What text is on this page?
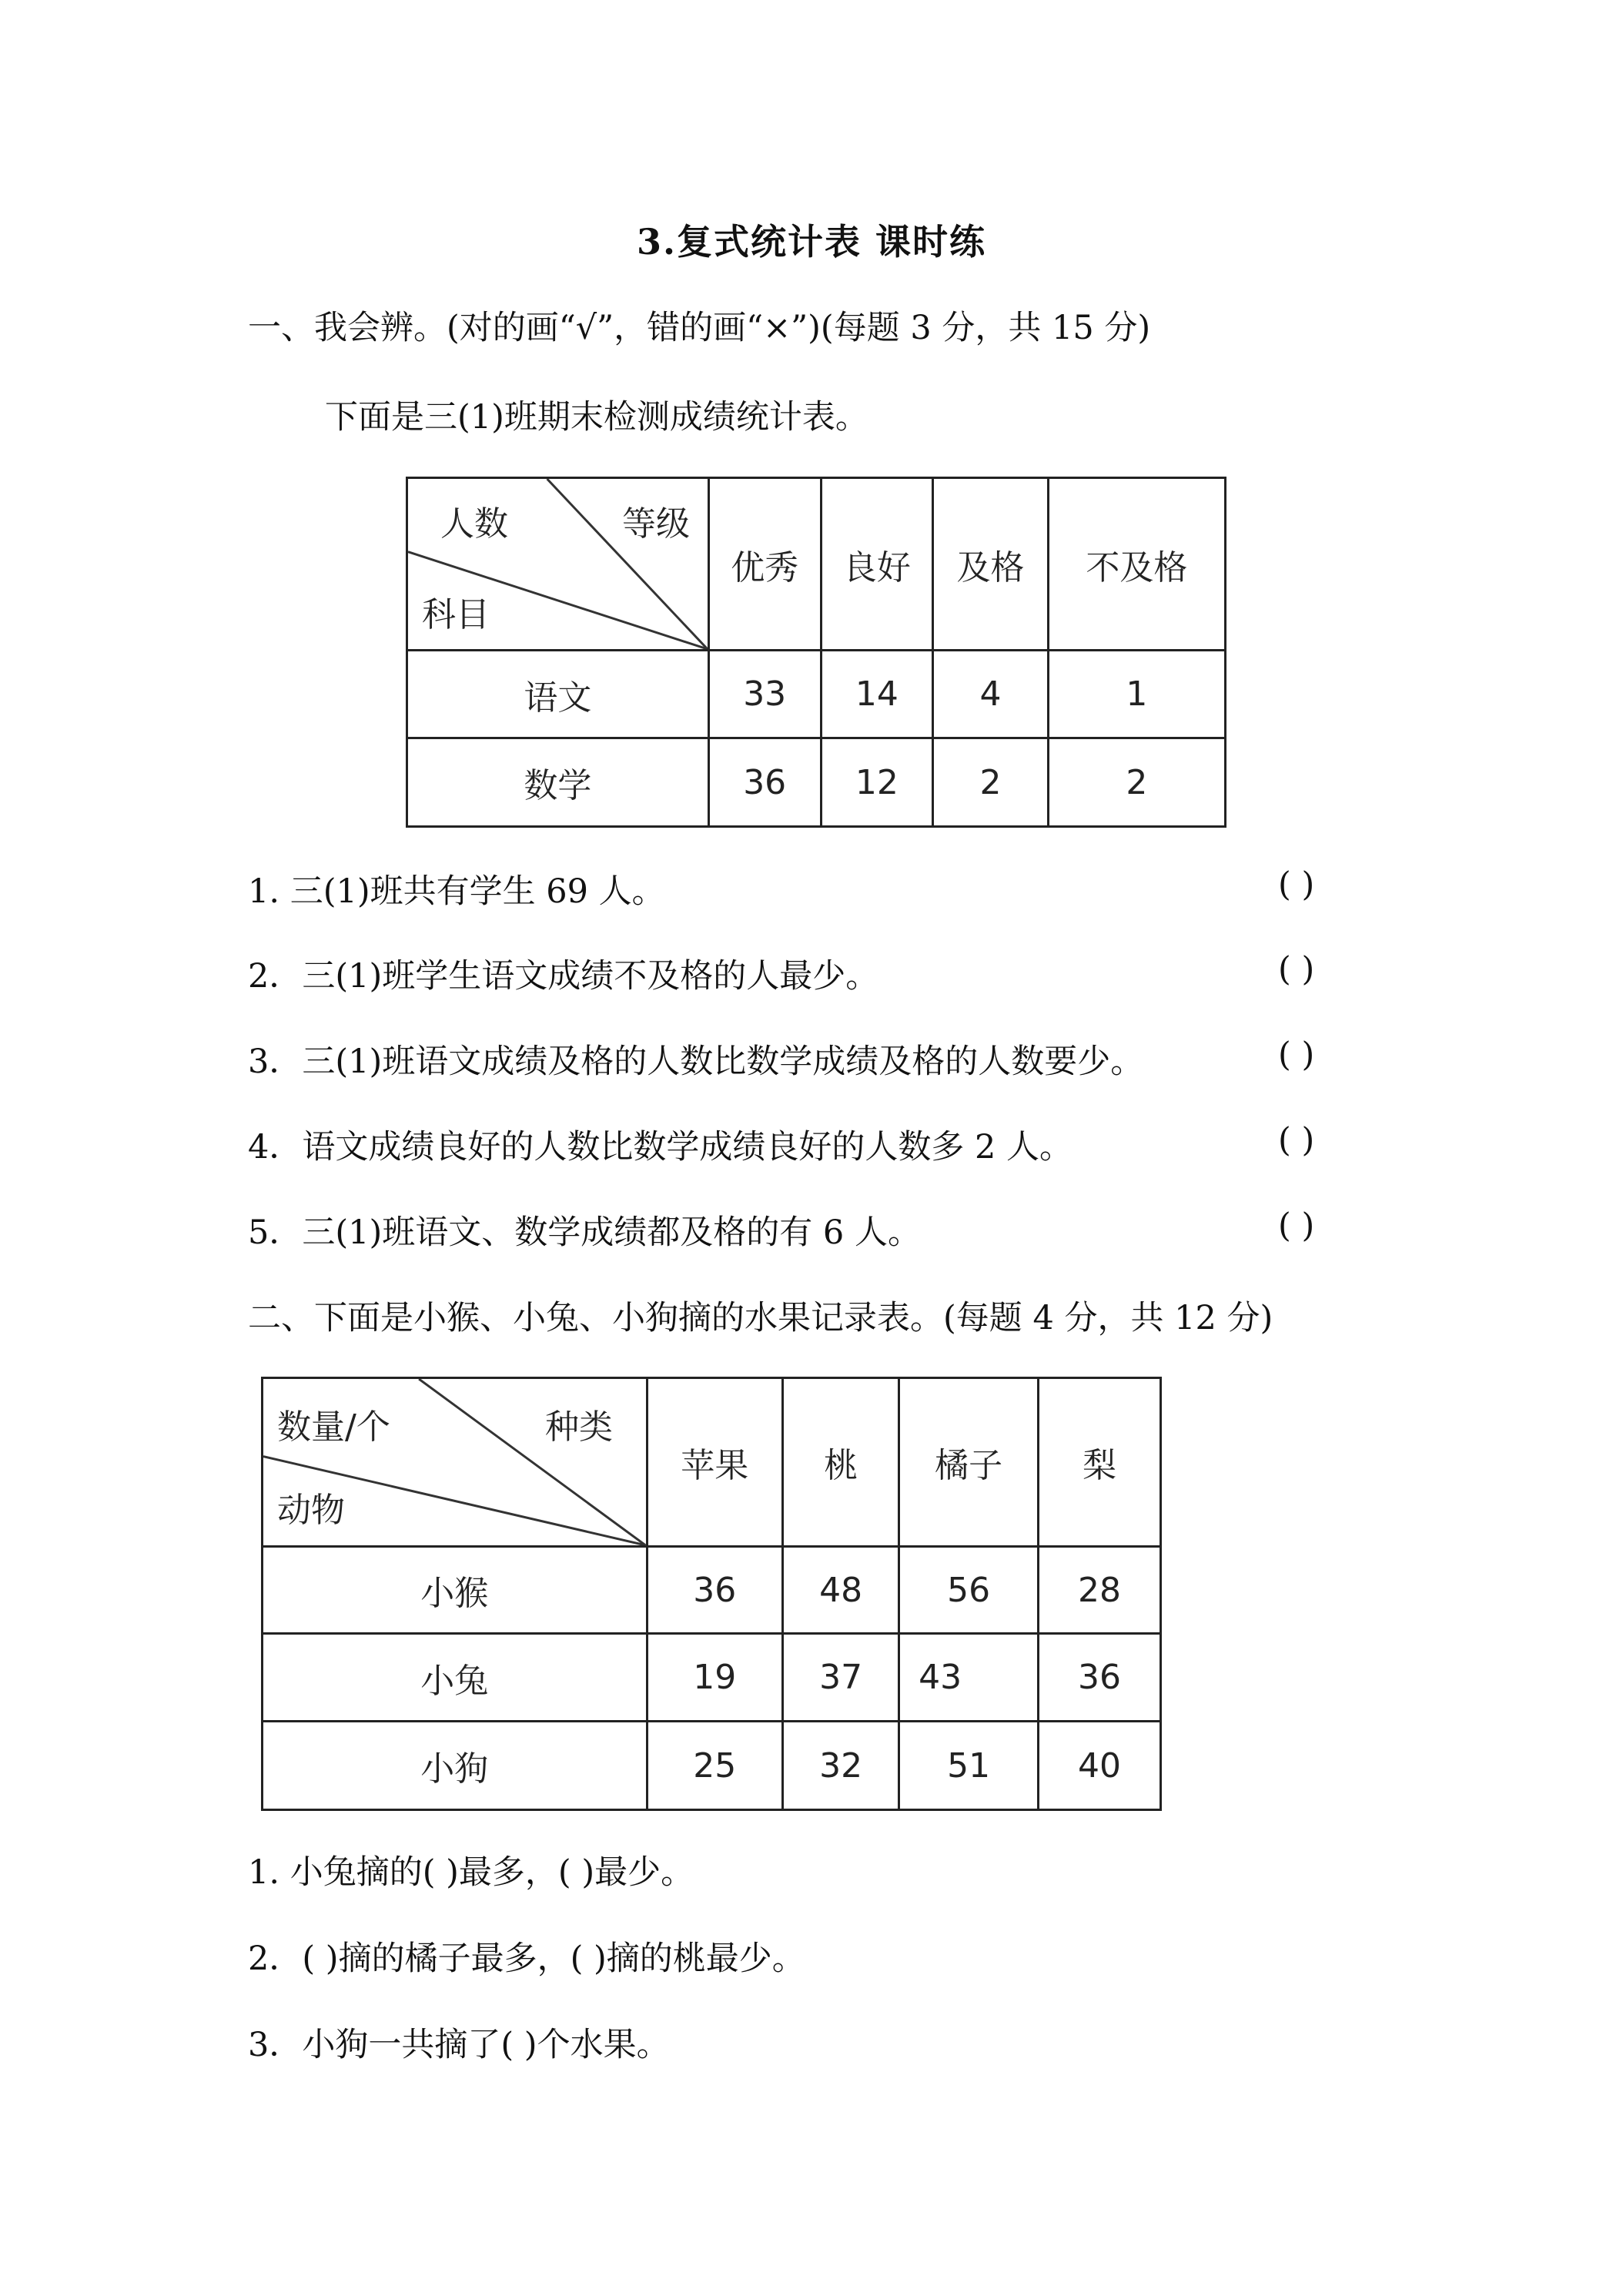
3.复式统计表 课时练
一、我会辨。(对的画“√”，错的画“×”)(每题 3 分，共 15 分)
下面是三(1)班期末检测成绩统计表。
人数 等级
科目	优秀	良好	及格	不及格
语文	33	14	4	1
数学	36	12	2	2
1. 三(1)班共有学生 69 人。	( )
2．三(1)班学生语文成绩不及格的人最少。	( )
3．三(1)班语文成绩及格的人数比数学成绩及格的人数要少。	( )
4．语文成绩良好的人数比数学成绩良好的人数多 2 人。	( )
5．三(1)班语文、数学成绩都及格的有 6 人。	( )
二、下面是小猴、小兔、小狗摘的水果记录表。(每题 4 分，共 12 分)
数量/个 种类
动物	苹果	桃	橘子	梨
小猴	36	48	56	28
小兔	19	37	43	36
小狗	25	32	51	40
1. 小兔摘的( )最多，( )最少。
2．( )摘的橘子最多，( )摘的桃最少。
3．小狗一共摘了( )个水果。
